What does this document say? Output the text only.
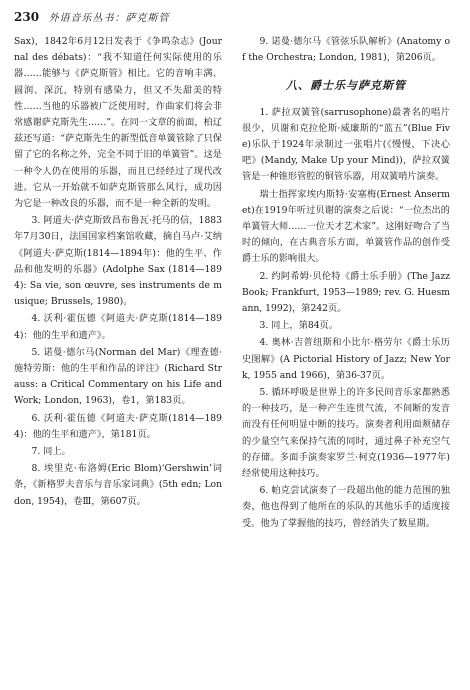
230 外语音乐丛书：萨克斯管

Sax)，1842年6月12日发表于《争鸣杂志》(Journal des débats)：“我不知道任何实际使用的乐器……能够与《萨克斯管》相比。它的音响丰满、圆润、深沉，特别有感染力，但又不失甜美的特性……当他的乐器被广泛使用时，作曲家们将会非常感谢萨克斯先生……”。在同一文章的前面，柏辽兹还写道：“萨克斯先生的新型低音单簧管除了只保留了它的名称之外，完全不同于旧的单簧管”。这是一种令人仍在使用的乐器，而且已经经过了现代改进。它从一开始就不如萨克斯管那么风行，成功因为它是一种改良的乐器，而不是一种全新的发明。

3. 阿道夫·萨克斯致昌布鲁瓦·托马的信，1883年7月30日，法国国家档案馆收藏，摘自马卢·艾纳《阿道夫·萨克斯(1814—1894年)：他的生平、作品和他发明的乐器》(Adolphe Sax (1814—1894): Sa vie, son œuvre, ses instruments de musique; Brussels, 1980)。

4. 沃利·霍伍德《阿道夫·萨克斯(1814—1894)：他的生平和遗产》。

5. 诺曼·德尔马(Norman del Mar)《理查德·施特劳斯：他的生平和作品的评注》(Richard Strauss: a Critical Commentary on his Life and Work; London, 1963)，卷1，第183页。

6. 沃利·霍伍德《阿道夫·萨克斯(1814—1894)：他的生平和遗产》，第181页。

7. 同上。

8. 埃里克·布洛姆(Eric Blom)‘Gershwin’词条，《新格罗夫音乐与音乐家词典》(5th edn; London, 1954)，卷Ⅲ，第607页。

9. 诺曼·德尔马《管弦乐队解析》(Anatomy of the Orchestra; London, 1981)，第206页。

八、爵士乐与萨克斯管

1. 萨拉双簧管(sarrusophone)最著名的唱片很少，贝谢和克拉伦斯·威廉斯的“蓝五”(Blue Five)乐队于1924年录制过一张唱片(《慢慢，下决心吧》(Mandy, Make Up your Mind))，萨拉双簧管是一种锥形管腔的铜管乐器，用双簧哨片演奏。

瑞士指挥家埃内斯特·安塞梅(Ernest Ansermet)在1919年听过贝谢的演奏之后说：“一位杰出的单簧管大师……一位天才艺术家”。这刚好吻合了当时的倾向，在古典音乐方面，单簧管作品的创作受爵士乐的影响很大。

2. 约阿希姆·贝伦特《爵士乐手册》(The Jazz Book; Frankfurt, 1953—1989; rev. G. Huesmann, 1992)，第242页。

3. 同上，第84页。

4. 奥林·吉普纽斯和小比尔·格劳尔《爵士乐历史图解》(A Pictorial History of Jazz; New York, 1955 and 1966)，第36-37页。

5. 循环呼吸是世界上的许多民间音乐家都熟悉的一种技巧，是一种产生连贯气流，不间断的发音而没有任何明显中断的技巧。演奏者利用面颊储存的少量空气来保持气流的同时，通过鼻子补充空气的存储。多面手演奏家罗兰·柯克(1936—1977年)经常使用这种技巧。

6. 帕克尝试演奏了一段超出他的能力范围的独奏，他也得到了他所在的乐队的其他乐手的适度接受。他为了掌握他的技巧，曾经消失了数星期。
